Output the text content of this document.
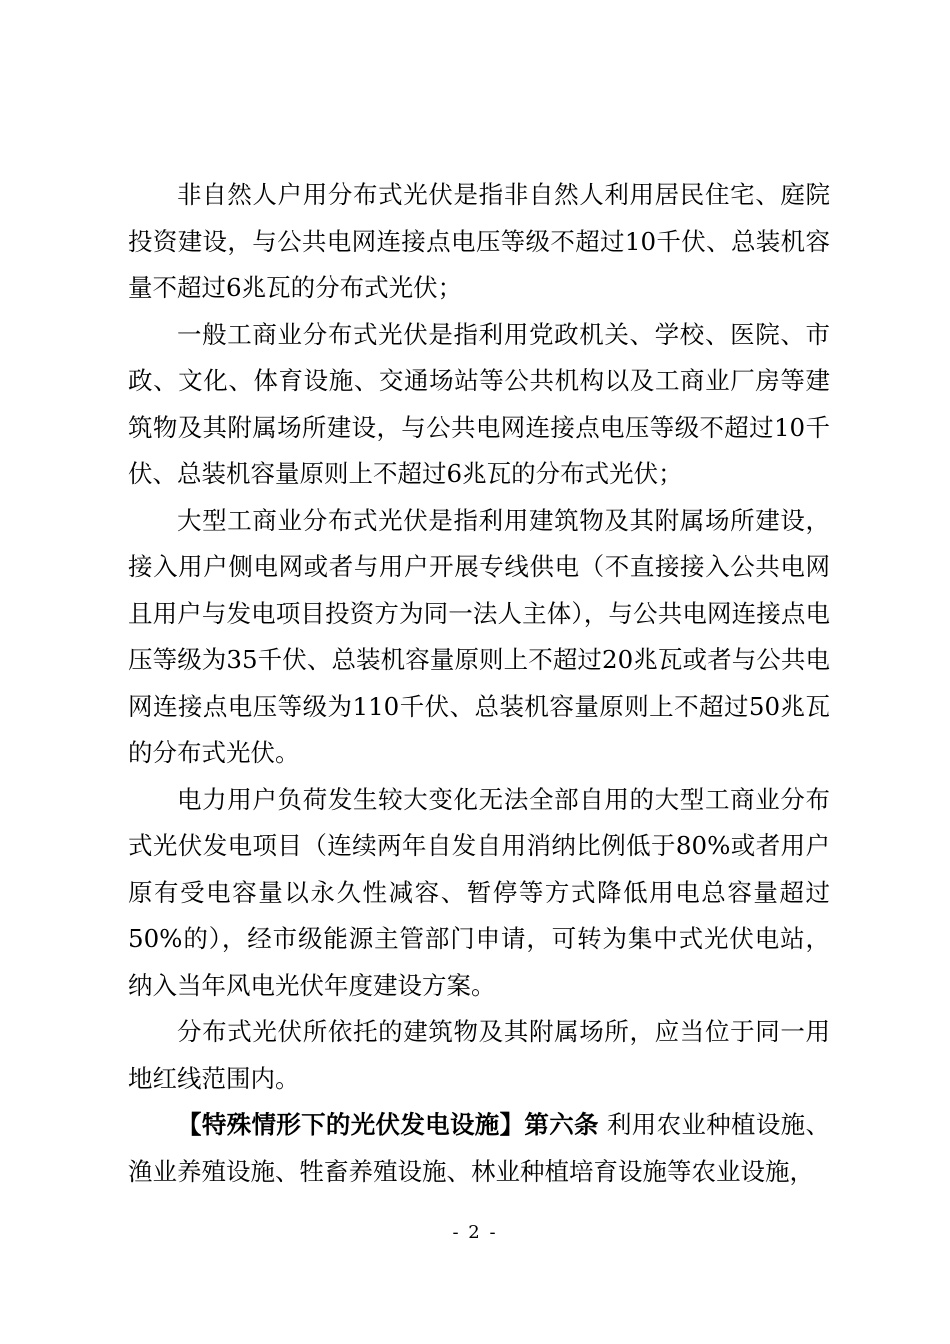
非自然人户用分布式光伏是指非自然人利用居民住宅、庭院投资建设，与公共电网连接点电压等级不超过10千伏、总装机容量不超过6兆瓦的分布式光伏；

一般工商业分布式光伏是指利用党政机关、学校、医院、市政、文化、体育设施、交通场站等公共机构以及工商业厂房等建筑物及其附属场所建设，与公共电网连接点电压等级不超过10千伏、总装机容量原则上不超过6兆瓦的分布式光伏；

大型工商业分布式光伏是指利用建筑物及其附属场所建设，接入用户侧电网或者与用户开展专线供电（不直接接入公共电网且用户与发电项目投资方为同一法人主体），与公共电网连接点电压等级为35千伏、总装机容量原则上不超过20兆瓦或者与公共电网连接点电压等级为110千伏、总装机容量原则上不超过50兆瓦的分布式光伏。

电力用户负荷发生较大变化无法全部自用的大型工商业分布式光伏发电项目（连续两年自发自用消纳比例低于80%或者用户原有受电容量以永久性减容、暂停等方式降低用电总容量超过50%的），经市级能源主管部门申请，可转为集中式光伏电站，纳入当年风电光伏年度建设方案。

分布式光伏所依托的建筑物及其附属场所，应当位于同一用地红线范围内。

【特殊情形下的光伏发电设施】第六条 利用农业种植设施、渔业养殖设施、牲畜养殖设施、林业种植培育设施等农业设施，

- 2 -
